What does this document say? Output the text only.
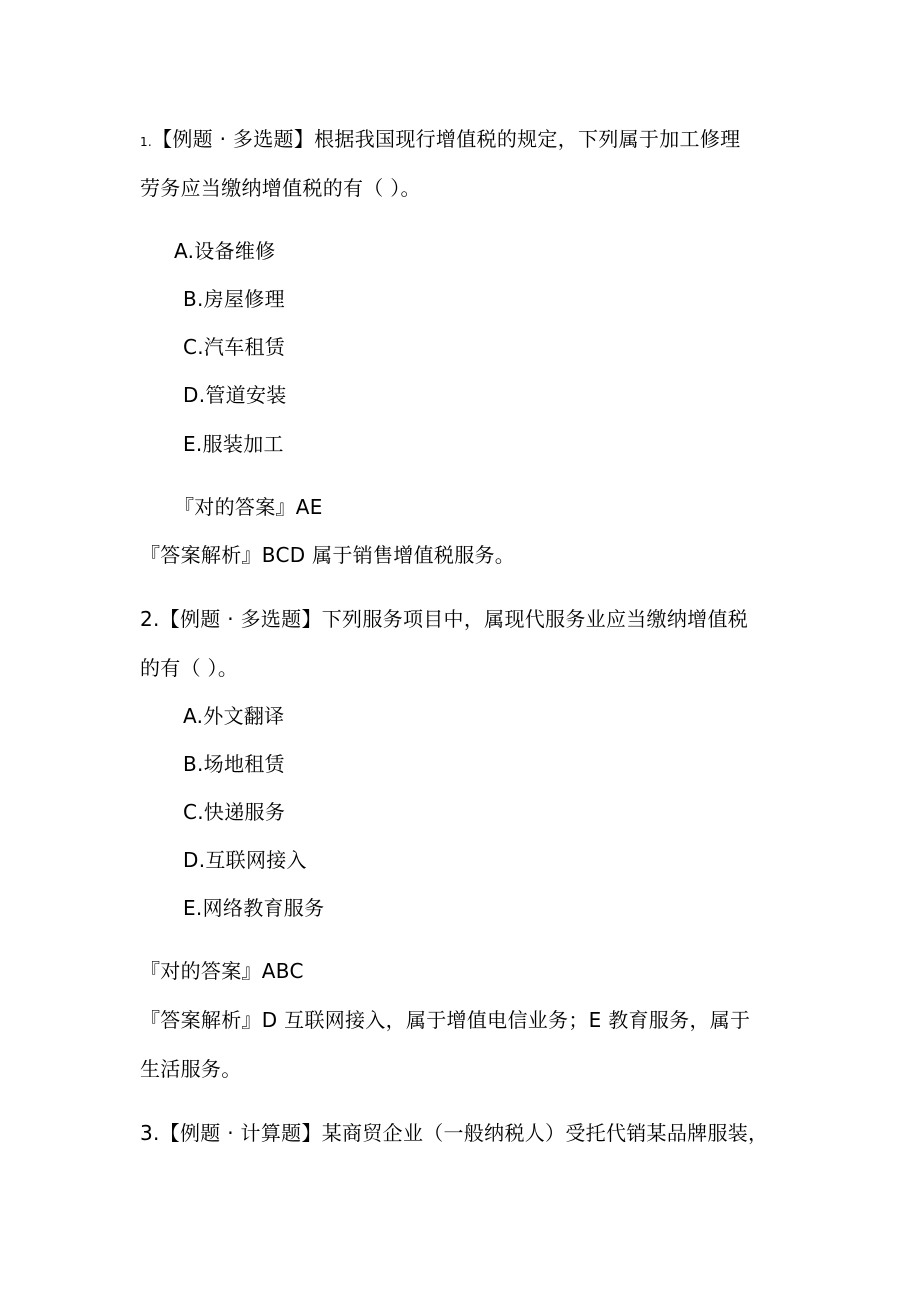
1.【例题 · 多选题】根据我国现行增值税的规定，下列属于加工修理
劳务应当缴纳增值税的有（ ）。
A.设备维修
B.房屋修理
C.汽车租赁
D.管道安装
E.服装加工
『对的答案』AE
『答案解析』BCD 属于销售增值税服务。
2.【例题 · 多选题】下列服务项目中，属现代服务业应当缴纳增值税
的有（ ）。
A.外文翻译
B.场地租赁
C.快递服务
D.互联网接入
E.网络教育服务
『对的答案』ABC
『答案解析』D 互联网接入，属于增值电信业务；E 教育服务，属于
生活服务。
3.【例题 · 计算题】某商贸企业（一般纳税人）受托代销某品牌服装，
